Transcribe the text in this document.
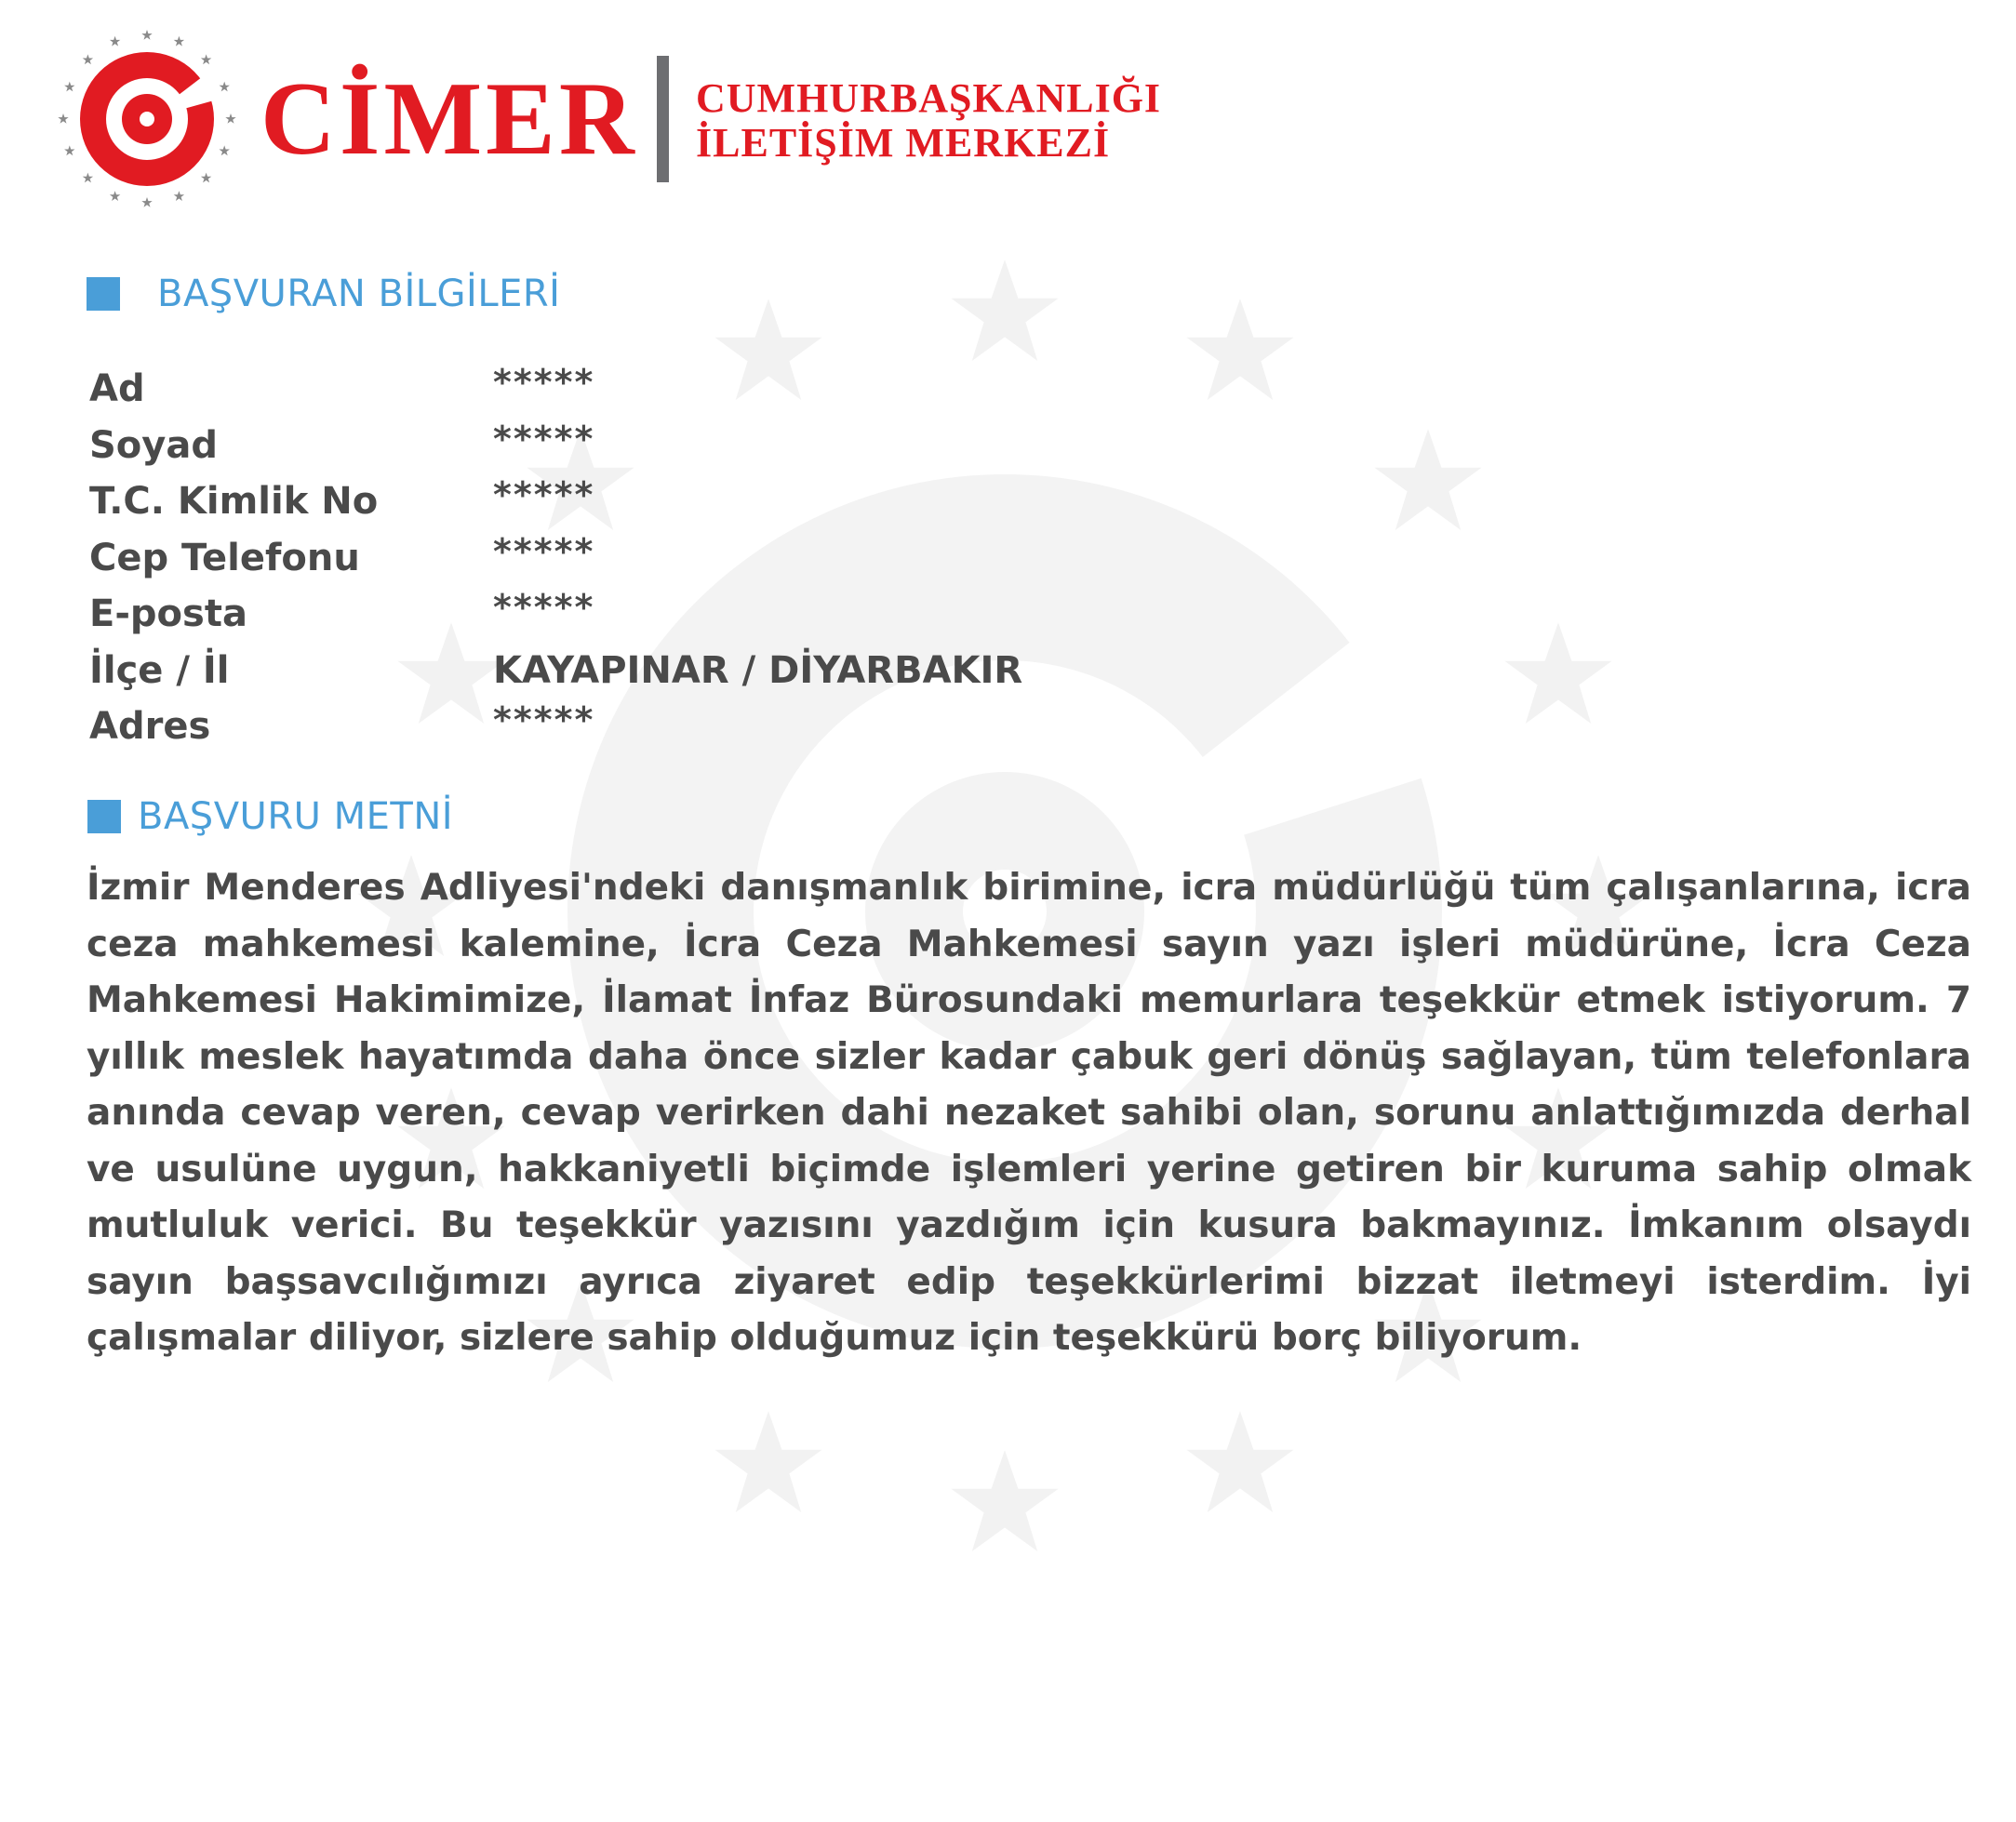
CİMER CUMHURBAŞKANLIĞI
İLETİŞİM MERKEZİ
BAŞVURAN BİLGİLERİ
Ad	*****
Soyad	*****
T.C. Kimlik No	*****
Cep Telefonu	*****
E-posta	*****
İlçe / İl	KAYAPINAR / DİYARBAKIR
Adres	*****
BAŞVURU METNİ
İzmir Menderes Adliyesi'ndeki danışmanlık birimine, icra müdürlüğü tüm çalışanlarına, icra ceza mahkemesi kalemine, İcra Ceza Mahkemesi sayın yazı işleri müdürüne, İcra Ceza Mahkemesi Hakimimize, İlamat İnfaz Bürosundaki memurlara teşekkür etmek istiyorum. 7 yıllık meslek hayatımda daha önce sizler kadar çabuk geri dönüş sağlayan, tüm telefonlara anında cevap veren, cevap verirken dahi nezaket sahibi olan, sorunu anlattığımızda derhal ve usulüne uygun, hakkaniyetli biçimde işlemleri yerine getiren bir kuruma sahip olmak mutluluk verici. Bu teşekkür yazısını yazdığım için kusura bakmayınız. İmkanım olsaydı sayın başsavcılığımızı ayrıca ziyaret edip teşekkürlerimi bizzat iletmeyi isterdim. İyi çalışmalar diliyor, sizlere sahip olduğumuz için teşekkürü borç biliyorum.
